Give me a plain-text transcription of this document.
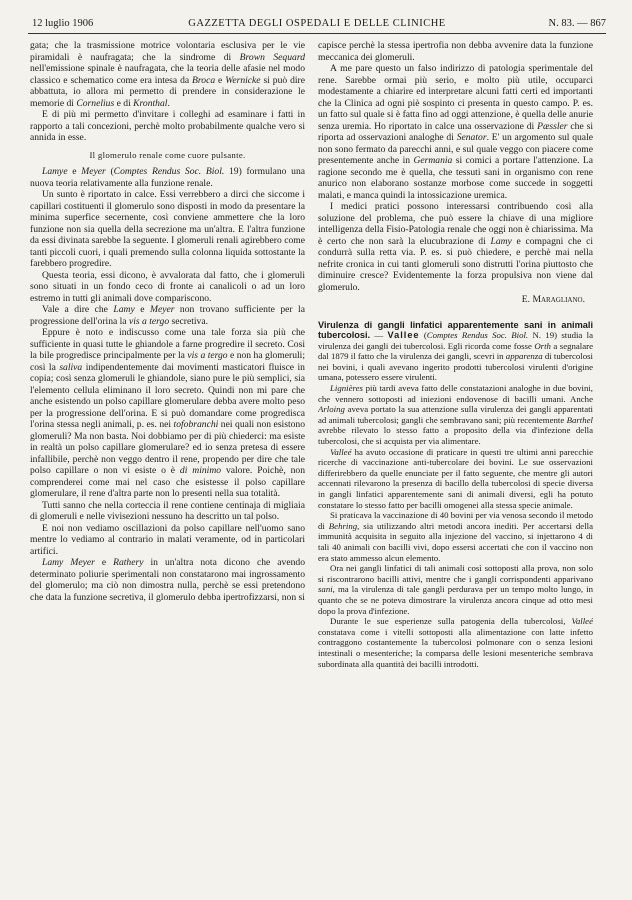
12 luglio 1906	GAZZETTA DEGLI OSPEDALI E DELLE CLINICHE	N. 83. — 867

gata; che la trasmissione motrice volontaria esclusiva per le vie piramidali è naufragata; che la sindrome di Brown Sequard nell'emissione spinale è naufragata, che la teoria delle afasie nel modo classico e schematico come era intesa da Broca e Wernicke si può dire abbattuta, io allora mi permetto di prendere in considerazione le memorie di Cornelius e di Kronthal.

E di più mi permetto d'invitare i colleghi ad esaminare i fatti in rapporto a tali concezioni, perchè molto probabilmente qualche vero si annida in esse.

Il glomerulo renale come cuore pulsante.

Lamye e Meyer (Comptes Rendus Soc. Biol. 19) formulano una nuova teoria relativamente alla funzione renale.

Un sunto è riportato in calce. Essi verrebbero a dirci che siccome i capillari costituenti il glomerulo sono disposti in modo da presentare la minima superfice secernente, così conviene ammettere che la loro funzione non sia quella della secrezione ma un'altra. E l'altra funzione da essi divinata sarebbe la seguente. I glomeruli renali agirebbero come tanti piccoli cuori, i quali premendo sulla colonna liquida sottostante la farebbero progredire.

Questa teoria, essi dicono, è avvalorata dal fatto, che i glomeruli sono situati in un fondo ceco di fronte ai canalicoli o ad un loro estremo in tutti gli animali dove compariscono.

Vale a dire che Lamy e Meyer non trovano sufficiente per la progressione dell'orina la vis a tergo secretiva.

Eppure è noto e indiscusso come una tale forza sia più che sufficiente in quasi tutte le ghiandole a farne progredire il secreto. Così la bile progredisce principalmente per la vis a tergo e non ha glomeruli; così la saliva indipendentemente dai movimenti masticatori fluisce in copia; così senza glomeruli le ghiandole, siano pure le più semplici, sia l'elemento cellula eliminano il loro secreto. Quindi non mi pare che anche esistendo un polso capillare glomerulare debba avere molto peso per la progressione dell'orina. E si può domandare come progredisca l'orina stessa negli animali, p. es. nei tofobranchi nei quali non esistono glomeruli? Ma non basta. Noi dobbiamo per di più chiederci: ma esiste in realtà un polso capillare glomerulare? ed io senza pretesa di essere infallibile, perchè non veggo dentro il rene, propendo per dire che tale polso capillare o non vi esiste o è di minimo valore. Poichè, non comprenderei come mai nel caso che esistesse il polso capillare glomerulare, il rene d'altra parte non lo presenti nella sua totalità.

Tutti sanno che nella corteccia il rene contiene centinaja di migliaia di glomeruli e nelle vivisezioni nessuno ha descritto un tal polso.

E noi non vediamo oscillazioni da polso capillare nell'uomo sano mentre lo vediamo al contrario in malati veramente, od in particolari artifici.

Lamy Meyer e Rathery in un'altra nota dicono che avendo determinato poliurie sperimentali non constatarono mai ingrossamento del glomerulo; ma ciò non dimostra nulla, perchè se essi pretendono che data la funzione secretiva, il glomerulo debba ipertrofizzarsi, non si

capisce perchè la stessa ipertrofia non debba avvenire data la funzione meccanica dei glomeruli.

A me pare questo un falso indirizzo di patologia sperimentale del rene. Sarebbe ormai più serio, e molto più utile, occuparci modestamente a chiarire ed interpretare alcuni fatti certi ed importanti che la Clinica ad ogni piè sospinto ci presenta in questo campo. P. es. un fatto sul quale si è fatta fino ad oggi attenzione, è quella delle anurie senza uremia. Ho riportato in calce una osservazione di Pæssler che si riporta ad osservazioni analoghe di Senator. E' un argomento sul quale non sono fermato da parecchi anni, e sul quale veggo con piacere come presentemente anche in Germania si comici a portare l'attenzione. La ragione secondo me è quella, che tessuti sani in organismo con rene anurico non elaborano sostanze morbose come succede in soggetti malati, e manca quindi la intossicazione uremica.

I medici pratici possono interessarsi contribuendo così alla soluzione del problema, che può essere la chiave di una migliore intelligenza della Fisio-Patologia renale che oggi non è chiarissima. Ma è certo che non sarà la elucubrazione di Lamy e compagni che ci condurrà sulla retta via. P. es. si può chiedere, e perchè mai nella nefrite cronica in cui tanti glomeruli sono distrutti l'orina piuttosto che diminuire cresce? Evidentemente la forza propulsiva non viene dal glomerulo.

E. Maragliano.

Virulenza di gangli linfatici apparentemente sani in animali tubercolosi. — Vallee (Comptes Rendus Soc. Biol. N. 19) studia la virulenza dei gangli dei tubercolosi. Egli ricorda come fosse Orth a segnalare dal 1879 il fatto che la virulenza dei gangli, scevri in apparenza di tubercolosi nei bovini, i quali avevano ingerito prodotti tubercolosi virulenti d'origine umana, potessero essere virulenti.

Lignières più tardi aveva fatto delle constatazioni analoghe in due bovini, che vennero sottoposti ad iniezioni endovenose di bacilli umani. Anche Arloing aveva portato la sua attenzione sulla virulenza dei gangli apparentati ad animali tubercolosi; gangli che sembravano sani; più recentemente Barthel avrebbe rilevato lo stesso fatto a proposito della via d'infezione della tubercolosi, che si acquista per via alimentare.

Valleé ha avuto occasione di praticare in questi tre ultimi anni parecchie ricerche di vaccinazione anti-tubercolare dei bovini. Le sue osservazioni differirebbero da quelle enunciate per il fatto seguente, che mentre gli autori accennati rilevarono la presenza di bacillo della tubercolosi di specie diversa in gangli linfatici apparentemente sani di animali diversi, egli ha potuto constatare lo stesso fatto per bacilli omogenei alla stessa specie animale.

Si praticava la vaccinazione di 40 bovini per via venosa secondo il metodo di Behring, sia utilizzando altri metodi ancora inediti. Per accertarsi della immunità acquisita in seguito alla injezione del vaccino, si injettarono 4 di tali 40 animali con bacilli vivi, dopo essersi accertati che con il vaccino non era stato ammesso alcun elemento.

Ora nei gangli linfatici di tali animali così sottoposti alla prova, non solo si riscontrarono bacilli attivi, mentre che i gangli corrispondenti apparivano sani, ma la virulenza di tale gangli perdurava per un tempo molto lungo, in quanto che se ne poteva dimostrare la virulenza ancora cinque ad otto mesi dopo la prova d'infezione.

Durante le sue esperienze sulla patogenia della tubercolosi, Valleé constatava come i vitelli sottoposti alla alimentazione con latte infetto contraggono costantemente la tubercolosi polmonare con o senza lesioni intestinali o mesenteriche; la comparsa delle lesioni mesenteriche sembrava subordinata alla quantità dei bacilli introdotti.
